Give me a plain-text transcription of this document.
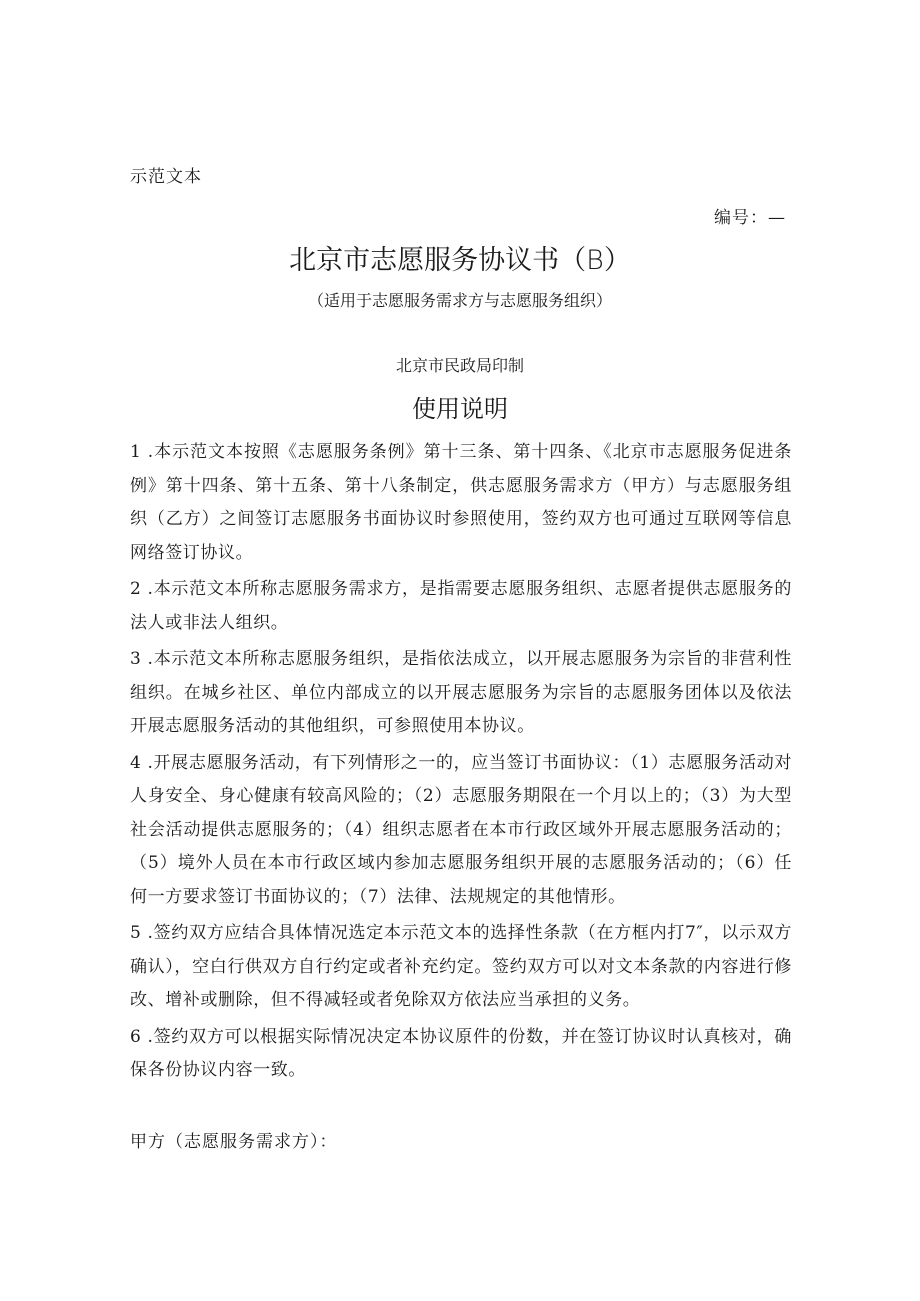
示范文本
编号：—
北京市志愿服务协议书（B）
（适用于志愿服务需求方与志愿服务组织）
北京市民政局印制
使用说明

1 .本示范文本按照《志愿服务条例》第十三条、第十四条、《北京市志愿服务促进条例》第十四条、第十五条、第十八条制定，供志愿服务需求方（甲方）与志愿服务组织（乙方）之间签订志愿服务书面协议时参照使用，签约双方也可通过互联网等信息网络签订协议。

2 .本示范文本所称志愿服务需求方，是指需要志愿服务组织、志愿者提供志愿服务的法人或非法人组织。

3 .本示范文本所称志愿服务组织，是指依法成立，以开展志愿服务为宗旨的非营利性组织。在城乡社区、单位内部成立的以开展志愿服务为宗旨的志愿服务团体以及依法开展志愿服务活动的其他组织，可参照使用本协议。

4 .开展志愿服务活动，有下列情形之一的，应当签订书面协议：（1）志愿服务活动对人身安全、身心健康有较高风险的；（2）志愿服务期限在一个月以上的；（3）为大型社会活动提供志愿服务的；（4）组织志愿者在本市行政区域外开展志愿服务活动的；（5）境外人员在本市行政区域内参加志愿服务组织开展的志愿服务活动的；（6）任何一方要求签订书面协议的；（7）法律、法规规定的其他情形。

5 .签约双方应结合具体情况选定本示范文本的选择性条款（在方框内打7″，以示双方确认），空白行供双方自行约定或者补充约定。签约双方可以对文本条款的内容进行修改、增补或删除，但不得减轻或者免除双方依法应当承担的义务。

6 .签约双方可以根据实际情况决定本协议原件的份数，并在签订协议时认真核对，确保各份协议内容一致。

甲方（志愿服务需求方）：
